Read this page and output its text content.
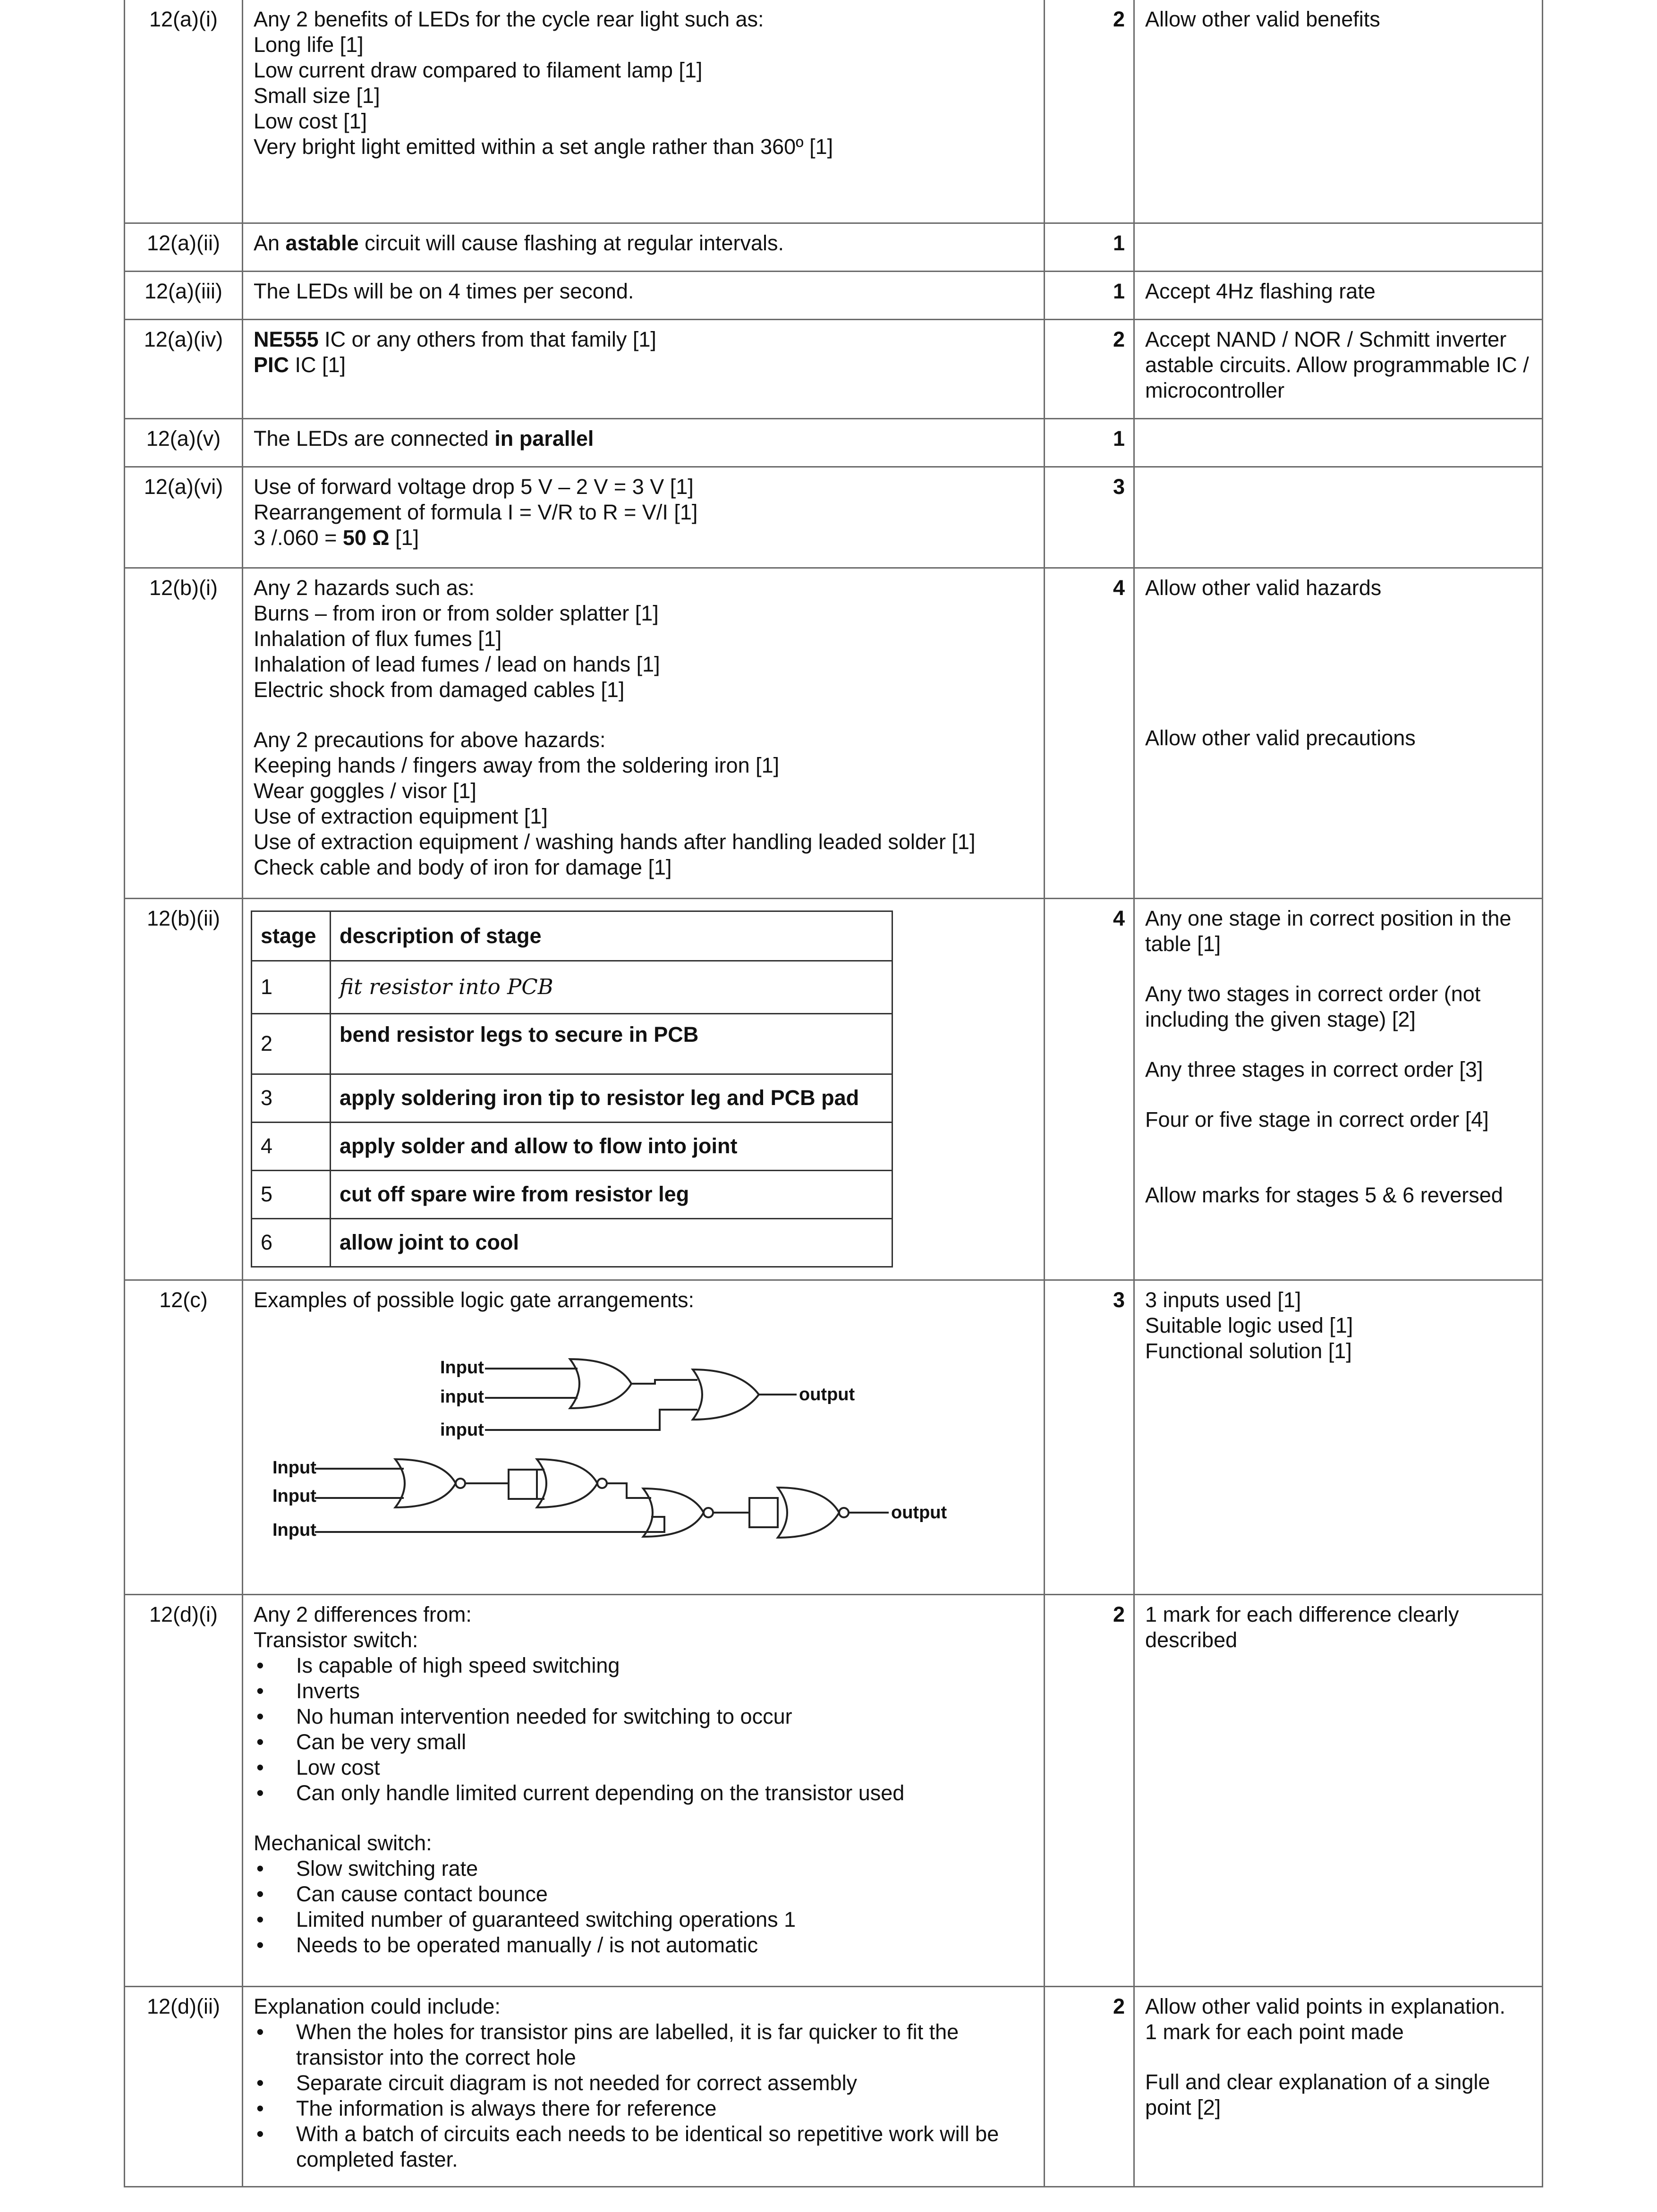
12(a)(i)	Any 2 benefits of LEDs for the cycle rear light such as:
Long life [1]
Low current draw compared to filament lamp [1]
Small size [1]
Low cost [1]
Very bright light emitted within a set angle rather than 360º [1]
	2	Allow other valid benefits
12(a)(ii)	An astable circuit will cause flashing at regular intervals.	1	
12(a)(iii)	The LEDs will be on 4 times per second.	1	Accept 4Hz flashing rate
12(a)(iv)	NE555 IC or any others from that family [1]
PIC IC [1]
	2	Accept NAND / NOR / Schmitt inverter astable circuits. Allow programmable IC / microcontroller
12(a)(v)	The LEDs are connected in parallel	1	
12(a)(vi)	Use of forward voltage drop 5 V – 2 V = 3 V [1]
Rearrangement of formula I = V/R to R = V/I [1]
3 /.060 = 50 Ω [1]
	3	
12(b)(i)	Any 2 hazards such as:
Burns – from iron or from solder splatter [1]
Inhalation of flux fumes [1]
Inhalation of lead fumes / lead on hands [1]
Electric shock from damaged cables [1]
Any 2 precautions for above hazards:
Keeping hands / fingers away from the soldering iron [1]
Wear goggles / visor [1]
Use of extraction equipment [1]
Use of extraction equipment / washing hands after handling leaded solder [1]
Check cable and body of iron for damage [1]
	4	Allow other valid hazards
Allow other valid precautions

12(b)(ii)	
stage	description of stage
1	fit resistor into PCB
2	bend resistor legs to secure in PCB
3	apply soldering iron tip to resistor leg and PCB pad
4	apply solder and allow to flow into joint
5	cut off spare wire from resistor leg
6	allow joint to cool
	4	Any one stage in correct position in the table [1]
Any two stages in correct order (not including the given stage) [2]
Any three stages in correct order [3]
Four or five stage in correct order [4]
Allow marks for stages 5 & 6 reversed

12(c)	Examples of possible logic gate arrangements:
Input
input
input
output
Input
Input
Input
output
	3	3 inputs used [1]
Suitable logic used [1]
Functional solution [1]

12(d)(i)	Any 2 differences from:
Transistor switch:
• Is capable of high speed switching
• Inverts
• No human intervention needed for switching to occur
• Can be very small
• Low cost
• Can only handle limited current depending on the transistor used
Mechanical switch:
• Slow switching rate
• Can cause contact bounce
• Limited number of guaranteed switching operations 1
• Needs to be operated manually / is not automatic
	2	1 mark for each difference clearly described
12(d)(ii)	Explanation could include:
• When the holes for transistor pins are labelled, it is far quicker to fit the transistor into the correct hole
• Separate circuit diagram is not needed for correct assembly
• The information is always there for reference
• With a batch of circuits each needs to be identical so repetitive work will be completed faster.
	2	Allow other valid points in explanation.
1 mark for each point made
Full and clear explanation of a single point [2]
